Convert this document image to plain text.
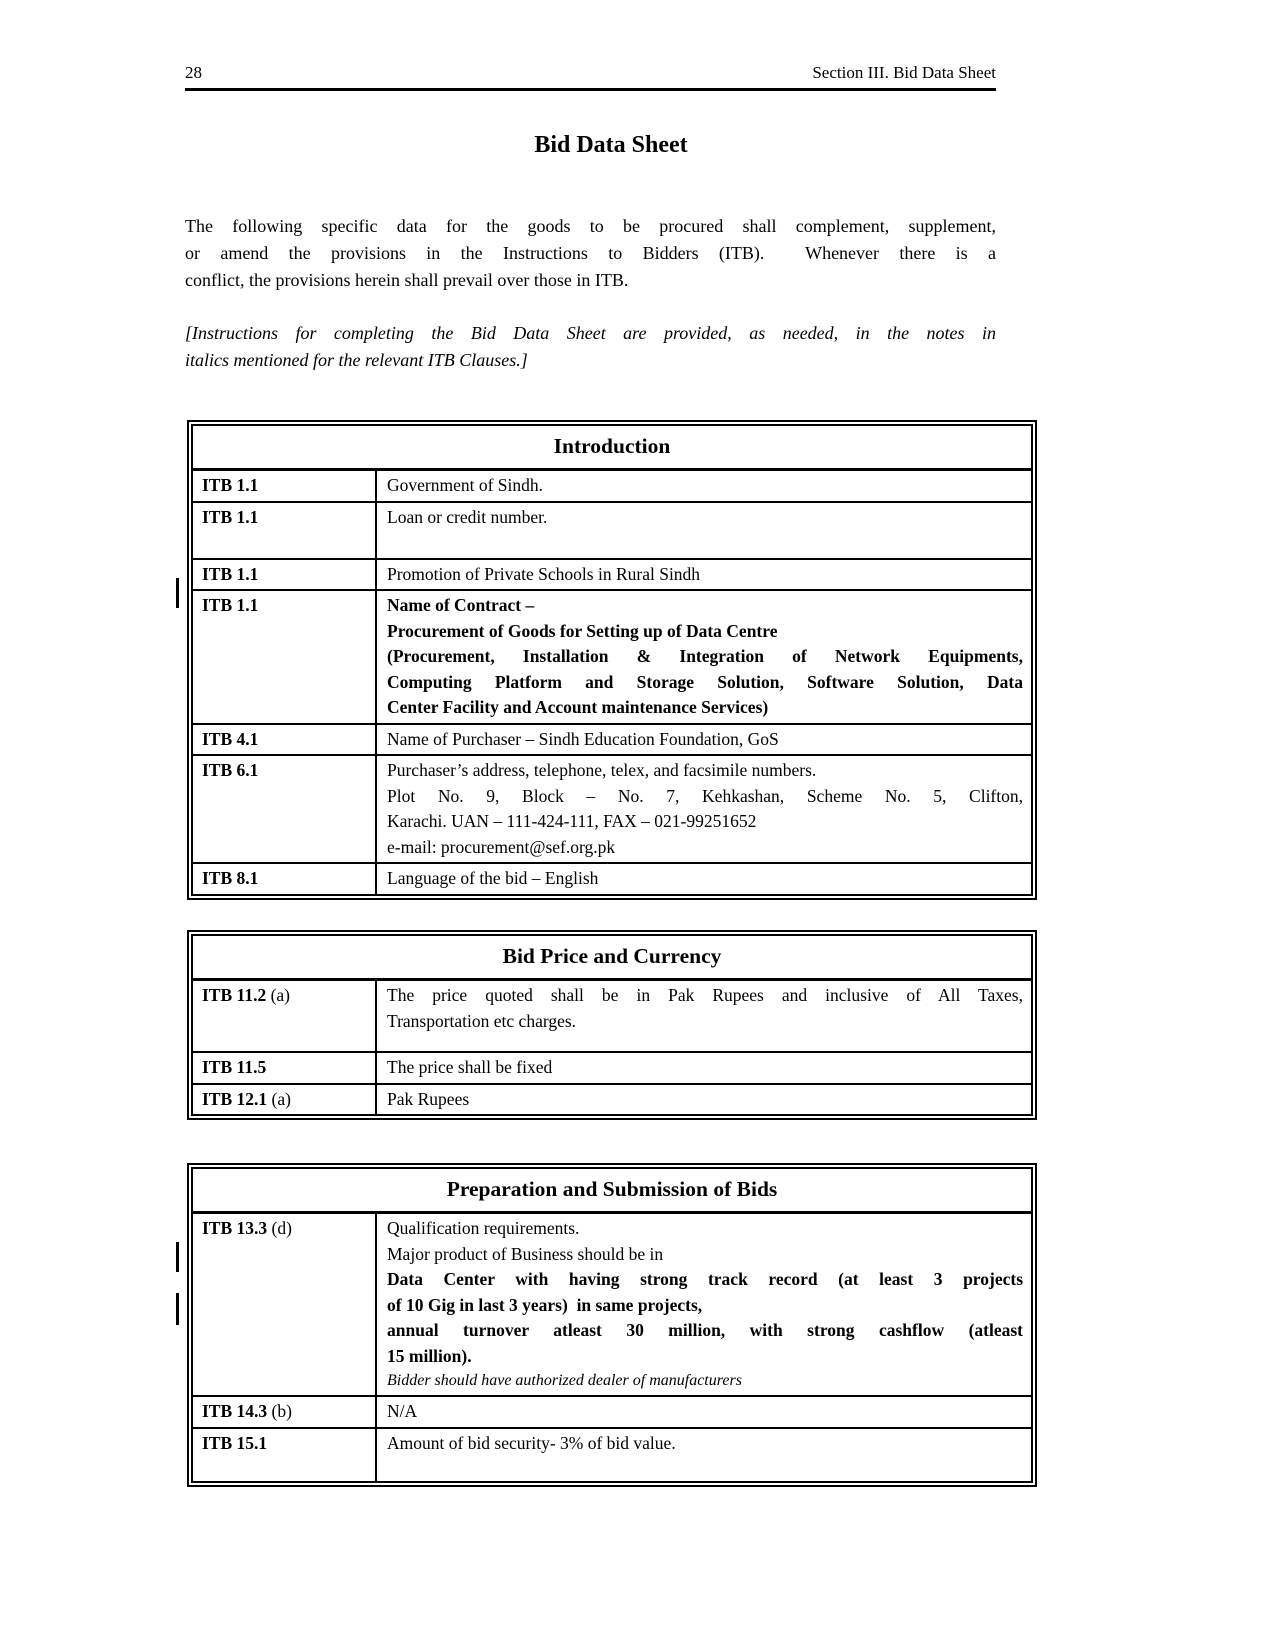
28	Section III. Bid Data Sheet
Bid Data Sheet

The following specific data for the goods to be procured shall complement, supplement,

or amend the provisions in the Instructions to Bidders (ITB).  Whenever there is a

conflict, the provisions herein shall prevail over those in ITB.

[Instructions for completing the Bid Data Sheet are provided, as needed, in the notes in

italics mentioned for the relevant ITB Clauses.]

Introduction
ITB 1.1	Government of Sindh.

ITB 1.1	Loan or credit number.

ITB 1.1	Promotion of Private Schools in Rural Sindh

ITB 1.1	Name of Contract –

Procurement of Goods for Setting up of Data Centre

(Procurement, Installation & Integration of Network Equipments,

Computing Platform and Storage Solution, Software Solution, Data

Center Facility and Account maintenance Services)

ITB 4.1	Name of Purchaser – Sindh Education Foundation, GoS

ITB 6.1	Purchaser’s address, telephone, telex, and facsimile numbers.

Plot No. 9, Block – No. 7, Kehkashan, Scheme No. 5, Clifton,

Karachi. UAN – 111-424-111, FAX – 021-99251652

e-mail: procurement@sef.org.pk

ITB 8.1	Language of the bid – English

Bid Price and Currency
ITB 11.2 (a)	The price quoted shall be in Pak Rupees and inclusive of All Taxes,

Transportation etc charges.

ITB 11.5	The price shall be fixed

ITB 12.1 (a)	Pak Rupees

Preparation and Submission of Bids
ITB 13.3 (d)	Qualification requirements.

Major product of Business should be in

Data Center with having strong track record (at least 3 projects

of 10 Gig in last 3 years)  in same projects,

annual turnover atleast 30 million, with strong cashflow (atleast

15 million).

Bidder should have authorized dealer of manufacturers

ITB 14.3 (b)	N/A

ITB 15.1	Amount of bid security- 3% of bid value.
